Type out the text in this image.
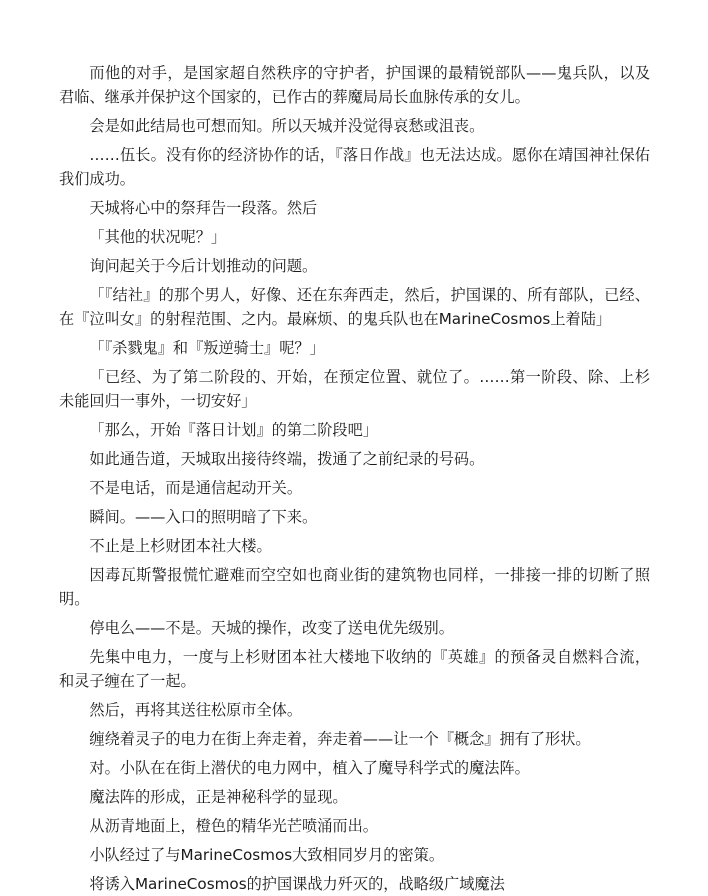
而他的对手，是国家超自然秩序的守护者，护国课的最精锐部队——鬼兵队，以及君临、继承并保护这个国家的，已作古的葬魔局局长血脉传承的女儿。

会是如此结局也可想而知。所以天城并没觉得哀愁或沮丧。

……伍长。没有你的经济协作的话，『落日作战』也无法达成。愿你在靖国神社保佑我们成功。

天城将心中的祭拜告一段落。然后

「其他的状况呢？」

询问起关于今后计划推动的问题。

「『结社』的那个男人，好像、还在东奔西走，然后，护国课的、所有部队，已经、在『泣叫女』的射程范围、之内。最麻烦、的鬼兵队也在MarineCosmos上着陆」

「『杀戮鬼』和『叛逆骑士』呢？」

「已经、为了第二阶段的、开始，在预定位置、就位了。……第一阶段、除、上杉未能回归一事外，一切安好」

「那么，开始『落日计划』的第二阶段吧」

如此通告道，天城取出接待终端，拨通了之前纪录的号码。

不是电话，而是通信起动开关。

瞬间。——入口的照明暗了下来。

不止是上杉财团本社大楼。

因毒瓦斯警报慌忙避难而空空如也商业街的建筑物也同样，一排接一排的切断了照明。

停电么——不是。天城的操作，改变了送电优先级别。

先集中电力，一度与上杉财团本社大楼地下收纳的『英雄』的预备灵自燃料合流，和灵子缠在了一起。

然后，再将其送往松原市全体。

缠绕着灵子的电力在街上奔走着，奔走着——让一个『概念』拥有了形状。

对。小队在在街上潜伏的电力网中，植入了魔导科学式的魔法阵。

魔法阵的形成，正是神秘科学的显现。

从沥青地面上，橙色的精华光芒喷涌而出。

小队经过了与MarineCosmos大致相同岁月的密策。

将诱入MarineCosmos的护国课战力歼灭的，战略级广域魔法
